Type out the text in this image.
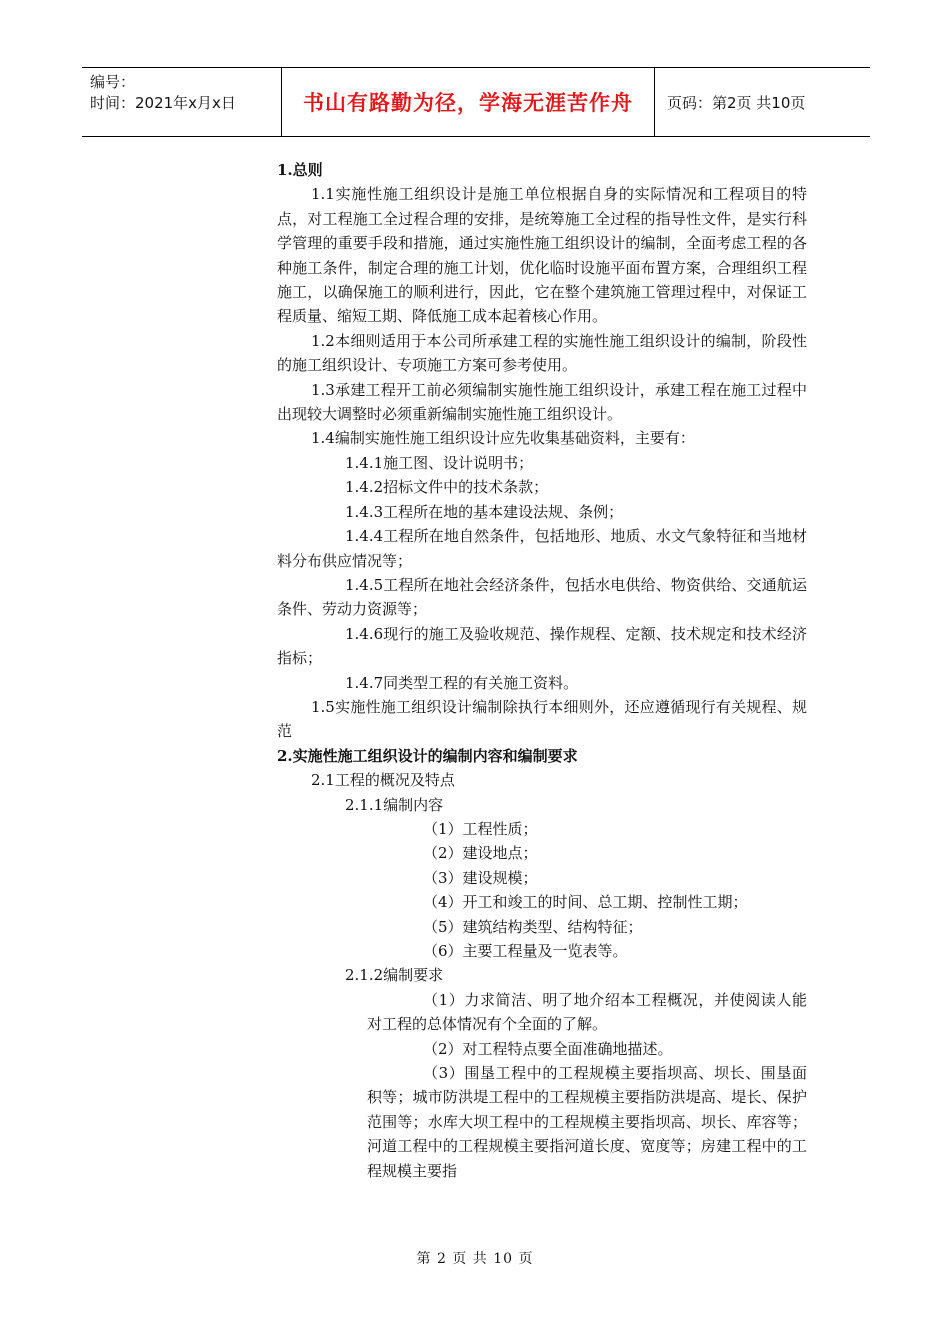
编号：
时间：2021年x月x日	书山有路勤为径，学海无涯苦作舟	页码：第2页 共10页

1.总则

1.1实施性施工组织设计是施工单位根据自身的实际情况和工程项目的特点，对工程施工全过程合理的安排，是统筹施工全过程的指导性文件，是实行科学管理的重要手段和措施，通过实施性施工组织设计的编制，全面考虑工程的各种施工条件，制定合理的施工计划，优化临时设施平面布置方案，合理组织工程施工，以确保施工的顺利进行，因此，它在整个建筑施工管理过程中，对保证工程质量、缩短工期、降低施工成本起着核心作用。

1.2本细则适用于本公司所承建工程的实施性施工组织设计的编制，阶段性的施工组织设计、专项施工方案可参考使用。

1.3承建工程开工前必须编制实施性施工组织设计，承建工程在施工过程中出现较大调整时必须重新编制实施性施工组织设计。

1.4编制实施性施工组织设计应先收集基础资料，主要有：

1.4.1施工图、设计说明书；

1.4.2招标文件中的技术条款；

1.4.3工程所在地的基本建设法规、条例；

1.4.4工程所在地自然条件，包括地形、地质、水文气象特征和当地材料分布供应情况等；

1.4.5工程所在地社会经济条件，包括水电供给、物资供给、交通航运条件、劳动力资源等；

1.4.6现行的施工及验收规范、操作规程、定额、技术规定和技术经济指标；

1.4.7同类型工程的有关施工资料。

1.5实施性施工组织设计编制除执行本细则外，还应遵循现行有关规程、规范

2.实施性施工组织设计的编制内容和编制要求

2.1工程的概况及特点

2.1.1编制内容

（1）工程性质；

（2）建设地点；

（3）建设规模；

（4）开工和竣工的时间、总工期、控制性工期；

（5）建筑结构类型、结构特征；

（6）主要工程量及一览表等。

2.1.2编制要求

（1）力求简洁、明了地介绍本工程概况，并使阅读人能对工程的总体情况有个全面的了解。

（2）对工程特点要全面准确地描述。

（3）围垦工程中的工程规模主要指坝高、坝长、围垦面积等；城市防洪堤工程中的工程规模主要指防洪堤高、堤长、保护范围等；水库大坝工程中的工程规模主要指坝高、坝长、库容等；河道工程中的工程规模主要指河道长度、宽度等；房建工程中的工程规模主要指

第 2 页 共 10 页
